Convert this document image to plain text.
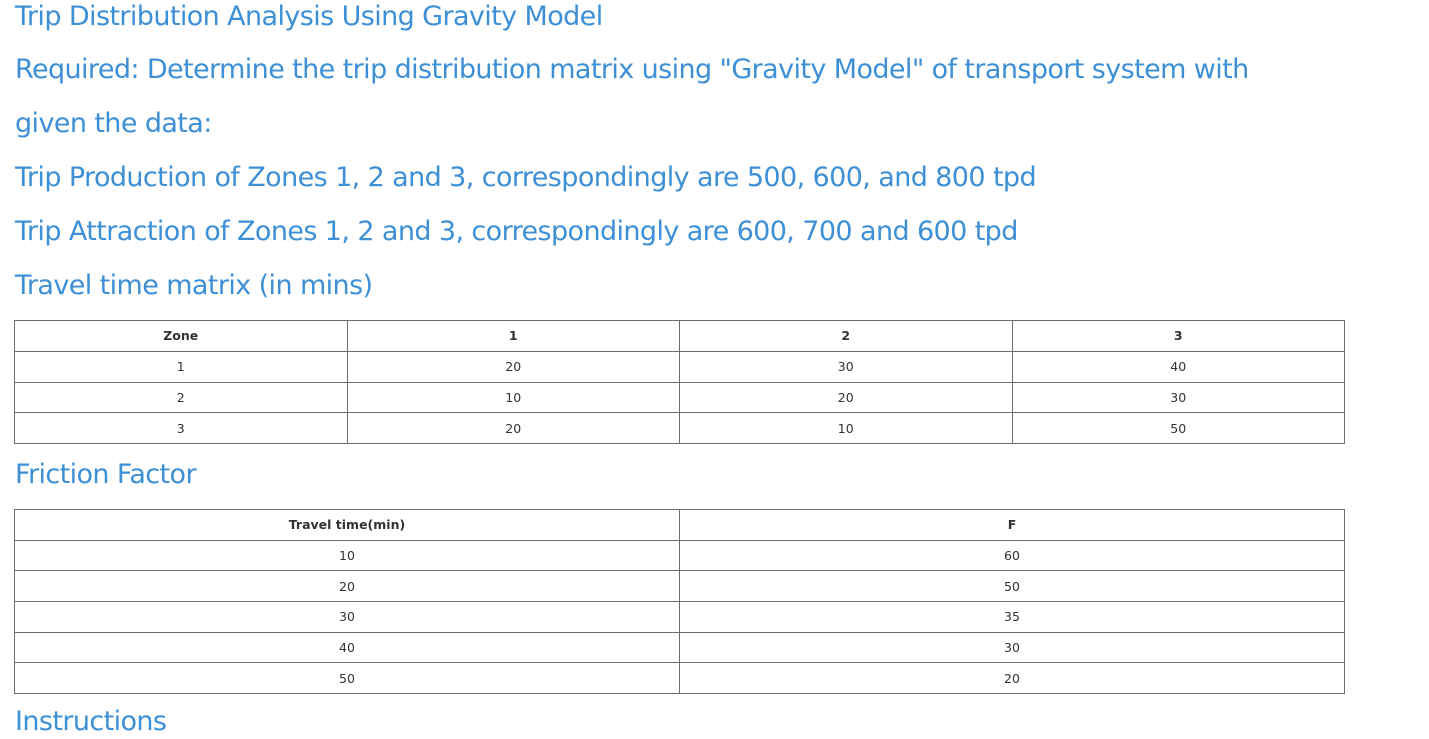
Trip Distribution Analysis Using Gravity Model

Required: Determine the trip distribution matrix using "Gravity Model" of transport system with

given the data:

Trip Production of Zones 1, 2 and 3, correspondingly are 500, 600, and 800 tpd

Trip Attraction of Zones 1, 2 and 3, correspondingly are 600, 700 and 600 tpd

Travel time matrix (in mins)

Zone	1	2	3
1	20	30	40
2	10	20	30
3	20	10	50

Friction Factor

Travel time(min)	F
10	60
20	50
30	35
40	30
50	20
Instructions
